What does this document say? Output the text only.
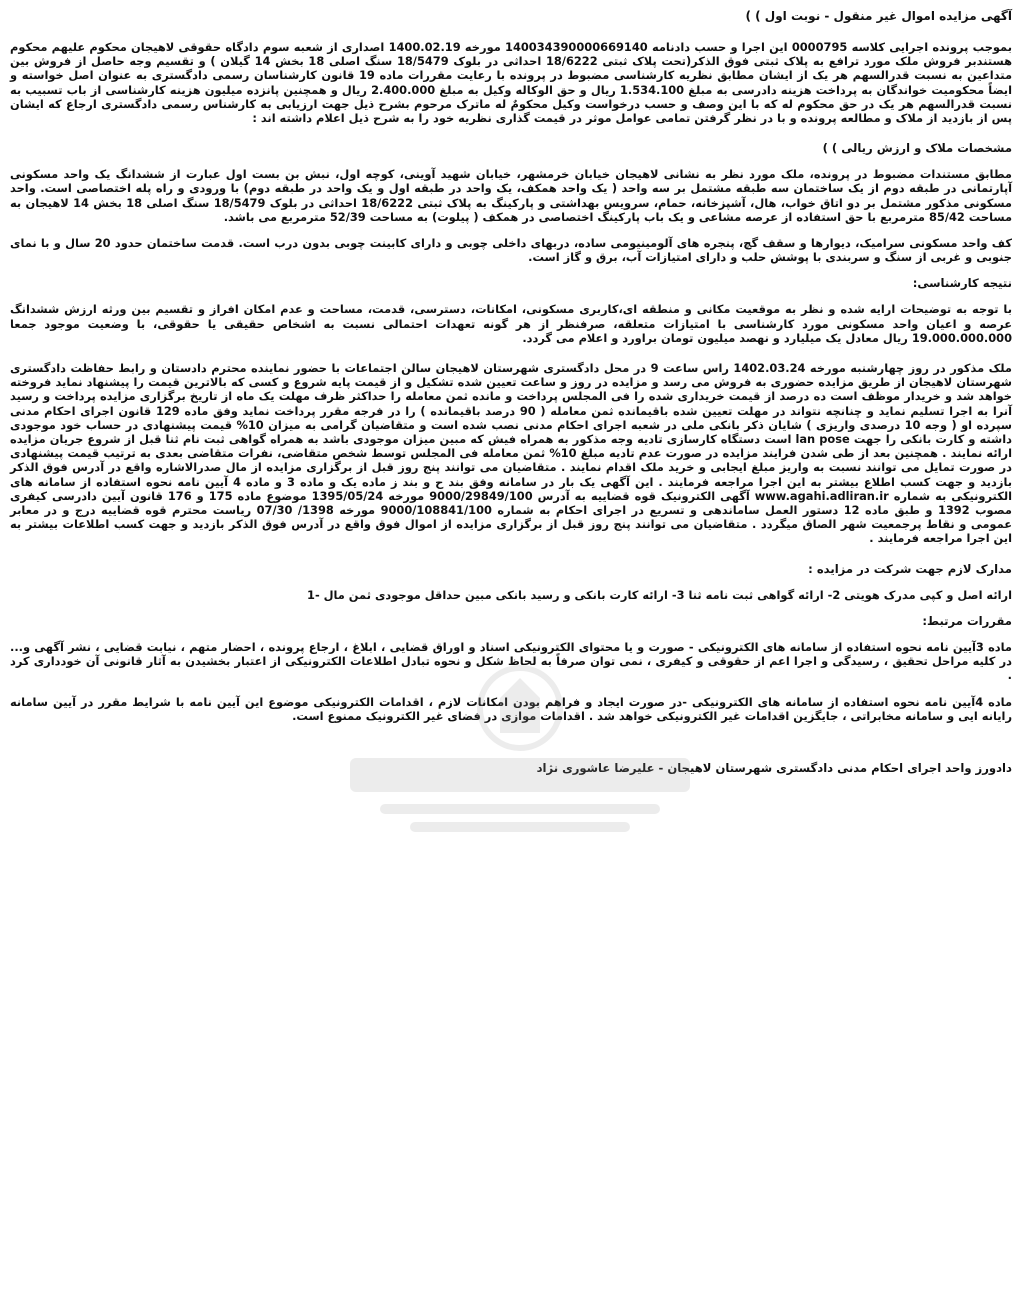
آگهی مزایده اموال غیر منقول - نوبت اول ) )

بموجب پرونده اجرایی کلاسه 0000795 این اجرا و حسب دادنامه 140034390000669140 مورخه 1400.02.19 اصداری از شعبه سوم دادگاه حقوقی لاهیجان محکوم علیهم محکوم هستندبر فروش ملک مورد ترافع به پلاک ثبتی فوق الذکر(تحت پلاک ثبتی 18/6222 احداثی در بلوک 18/5479 سنگ اصلی 18 بخش 14 گیلان ) و تقسیم وجه حاصل از فروش بین متداعین به نسبت قدرالسهم هر یک از ایشان مطابق نظریه کارشناسی مضبوط در پرونده با رعایت مقررات ماده 19 قانون کارشناسان رسمی دادگستری به عنوان اصل خواسته و ایضاً محکومیت خواندگان به پرداخت هزینه دادرسی به مبلغ 1.534.100 ریال و حق الوکاله وکیل به مبلغ 2.400.000 ریال و همچنین پانزده میلیون هزینه کارشناسی از باب تسبیب به نسبت قدرالسهم هر یک در حق محکوم له که با این وصف و حسب درخواست وکیل محکومٌ له ماترک مرحوم بشرح ذیل جهت ارزیابی به کارشناس رسمی دادگستری ارجاع که ایشان پس از بازدید از ملاک و مطالعه پرونده و با در نظر گرفتن تمامی عوامل موثر در قیمت گذاری نظریه خود را به شرح ذیل اعلام داشته اند :

مشخصات ملاک و ارزش ریالی ) )

مطابق مستندات مضبوط در پرونده، ملک مورد نظر به نشانی لاهیجان خیابان خرمشهر، خیابان شهید آوینی، کوچه اول، نبش بن بست اول عبارت از ششدانگ یک واحد مسکونی آپارتمانی در طبقه دوم از یک ساختمان سه طبقه مشتمل بر سه واحد ( یک واحد همکف، یک واحد در طبقه اول و یک واحد در طبقه دوم) با ورودی و راه پله اختصاصی است. واحد مسکونی مذکور مشتمل بر دو اتاق خواب، هال، آشپزخانه، حمام، سرویس بهداشتی و پارکینگ به پلاک ثبتی 18/6222 احداثی در بلوک 18/5479 سنگ اصلی 18 بخش 14 لاهیجان به مساحت 85/42 مترمربع با حق استفاده از عرصه مشاعی و یک باب پارکینگ اختصاصی در همکف ( پیلوت) به مساحت 52/39 مترمربع می باشد.

کف واحد مسکونی سرامیک، دیوارها و سقف گچ، پنجره های آلومینیومی ساده، دربهای داخلی چوبی و دارای کابینت چوبی بدون درب است. قدمت ساختمان حدود 20 سال و با نمای جنوبی و غربی از سنگ و سربندی با پوشش حلب و دارای امتیازات آب، برق و گاز است.

نتیجه کارشناسی:

با توجه به توضیحات ارایه شده و نظر به موقعیت مکانی و منطقه ای،کاربری مسکونی، امکانات، دسترسی، قدمت، مساحت و عدم امکان افراز و تقسیم بین ورثه ارزش ششدانگ عرصه و اعیان واحد مسکونی مورد کارشناسی با امتیازات متعلقه، صرفنظر از هر گونه تعهدات احتمالی نسبت به اشخاص حقیقی یا حقوقی، با وضعیت موجود جمعا 19.000.000.000 ریال معادل یک میلیارد و نهصد میلیون تومان براورد و اعلام می گردد.

ملک مذکور در روز چهارشنبه مورخه 1402.03.24 راس ساعت 9 در محل دادگستری شهرستان لاهیجان سالن اجتماعات با حضور نماینده محترم دادستان و رابط حفاظت دادگستری شهرستان لاهیجان از طریق مزایده حضوری به فروش می رسد و مزایده در روز و ساعت تعیین شده تشکیل و از قیمت پایه شروع و کسی که بالاترین قیمت را پیشنهاد نماید فروخته خواهد شد و خریدار موظف است ده درصد از قیمت خریداری شده را فی المجلس پرداخت و مانده ثمن معامله را حداکثر ظرف مهلت یک ماه از تاریخ برگزاری مزایده پرداخت و رسید آنرا به اجرا تسلیم نماید و چنانچه نتواند در مهلت تعیین شده باقیمانده ثمن معامله ( 90 درصد باقیمانده ) را در فرجه مقرر پرداخت نماید وفق ماده 129 قانون اجرای احکام مدنی سپرده او ( وجه 10 درصدی واریزی ) شایان ذکر بانکی ملی در شعبه اجرای احکام مدنی نصب شده است و متقاضیان گرامی به میزان 10% قیمت پیشنهادی در حساب خود موجودی داشته و کارت بانکی را جهت lan pose است دستگاه کارسازی تادیه وجه مذکور به همراه فیش که مبین میزان موجودی باشد به همراه گواهی ثبت نام ثنا قبل از شروع جریان مزایده ارائه نمایند . همچنین بعد از طی شدن فرایند مزایده در صورت عدم تادیه مبلغ 10% ثمن معامله فی المجلس توسط شخص متقاضی، نفرات متقاضی بعدی به ترتیب قیمت پیشنهادی در صورت تمایل می توانند نسبت به واریز مبلغ ایجابی و خرید ملک اقدام نمایند . متقاضیان می توانند پنج روز قبل از برگزاری مزایده از مال صدرالاشاره واقع در آدرس فوق الذکر بازدید و جهت کسب اطلاع بیشتر به این اجرا مراجعه فرمایند . این آگهی یک بار در سامانه وفق بند ح و بند ز ماده یک و ماده 3 و ماده 4 آیین نامه نحوه استفاده از سامانه های الکترونیکی به شماره www.agahi.adliran.ir آگهی الکترونیک قوه قضاییه به آدرس 9000/29849/100 مورخه 1395/05/24 موضوع ماده 175 و 176 قانون آیین دادرسی کیفری مصوب 1392 و طبق ماده 12 دستور العمل ساماندهی و تسریع در اجرای احکام به شماره 9000/108841/100 مورخه 1398/ 07/30 ریاست محترم قوه قضاییه درج و در معابر عمومی و نقاط پرجمعیت شهر الصاق میگردد . متقاضیان می توانند پنج روز قبل از برگزاری مزایده از اموال فوق واقع در آدرس فوق الذکر بازدید و جهت کسب اطلاعات بیشتر به این اجرا مراجعه فرمایند .

مدارک لازم جهت شرکت در مزایده :

ارائه اصل و کپی مدرک هویتی 2- ارائه گواهی ثبت نامه ثنا 3- ارائه کارت بانکی و رسید بانکی مبین حداقل موجودی ثمن مال -1

مقررات مرتبط:

ماده 3آیین نامه نحوه استفاده از سامانه های الکترونیکی - صورت و یا محتوای الکترونیکی اسناد و اوراق قضایی ، ابلاغ ، ارجاع پرونده ، احضار متهم ، نیابت قضایی ، نشر آگهی و... در کلیه مراحل تحقیق ، رسیدگی و اجرا اعم از حقوقی و کیفری ، نمی توان صرفاً به لحاظ شکل و نحوه تبادل اطلاعات الکترونیکی از اعتبار بخشیدن به آثار قانونی آن خودداری کرد .

ماده 4آیین نامه نحوه استفاده از سامانه های الکترونیکی -در صورت ایجاد و فراهم بودن امکانات لازم ، اقدامات الکترونیکی موضوع این آیین نامه با شرایط مقرر در آیین سامانه رایانه ایی و سامانه مخابراتی ، جایگزین اقدامات غیر الکترونیکی خواهد شد . اقدامات موازی در فضای غیر الکترونیک ممنوع است.

دادورز واحد اجرای احکام مدنی دادگستری شهرستان لاهیجان - علیرضا عاشوری نژاد
